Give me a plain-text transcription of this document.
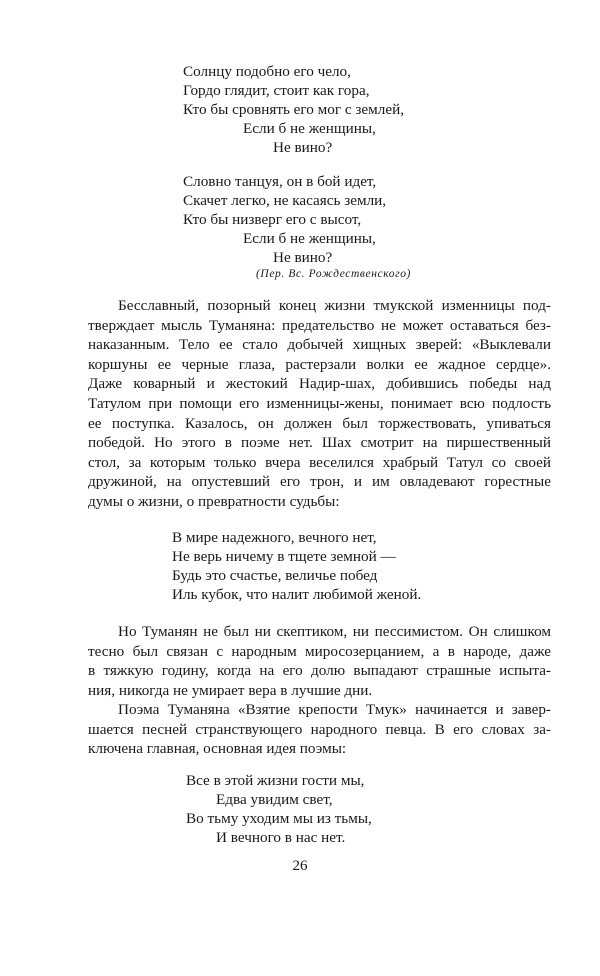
Солнцу подобно его чело,
Гордо глядит, стоит как гора,
Кто бы сровнять его мог с землей,
Если б не женщины,
Не вино?
Словно танцуя, он в бой идет,
Скачет легко, не касаясь земли,
Кто бы низверг его с высот,
Если б не женщины,
Не вино?
(Пер. Вс. Рождественского)
Бесславный, позорный конец жизни тмукской изменницы под-
тверждает мысль Туманяна: предательство не может оставаться без-
наказанным. Тело ее стало добычей хищных зверей: «Выклевали
коршуны ее черные глаза, растерзали волки ее жадное сердце».
Даже коварный и жестокий Надир-шах, добившись победы над
Татулом при помощи его изменницы-жены, понимает всю подлость
ее поступка. Казалось, он должен был торжествовать, упиваться
победой. Но этого в поэме нет. Шах смотрит на пиршественный
стол, за которым только вчера веселился храбрый Татул со своей
дружиной, на опустевший его трон, и им овладевают горестные
думы о жизни, о превратности судьбы:
В мире надежного, вечного нет,
Не верь ничему в тщете земной —
Будь это счастье, величье побед
Иль кубок, что налит любимой женой.
Но Туманян не был ни скептиком, ни пессимистом. Он слишком
тесно был связан с народным миросозерцанием, а в народе, даже
в тяжкую годину, когда на его долю выпадают страшные испыта-
ния, никогда не умирает вера в лучшие дни.
Поэма Туманяна «Взятие крепости Тмук» начинается и завер-
шается песней странствующего народного певца. В его словах за-
ключена главная, основная идея поэмы:
Все в этой жизни гости мы,
Едва увидим свет,
Во тьму уходим мы из тьмы,
И вечного в нас нет.
26
